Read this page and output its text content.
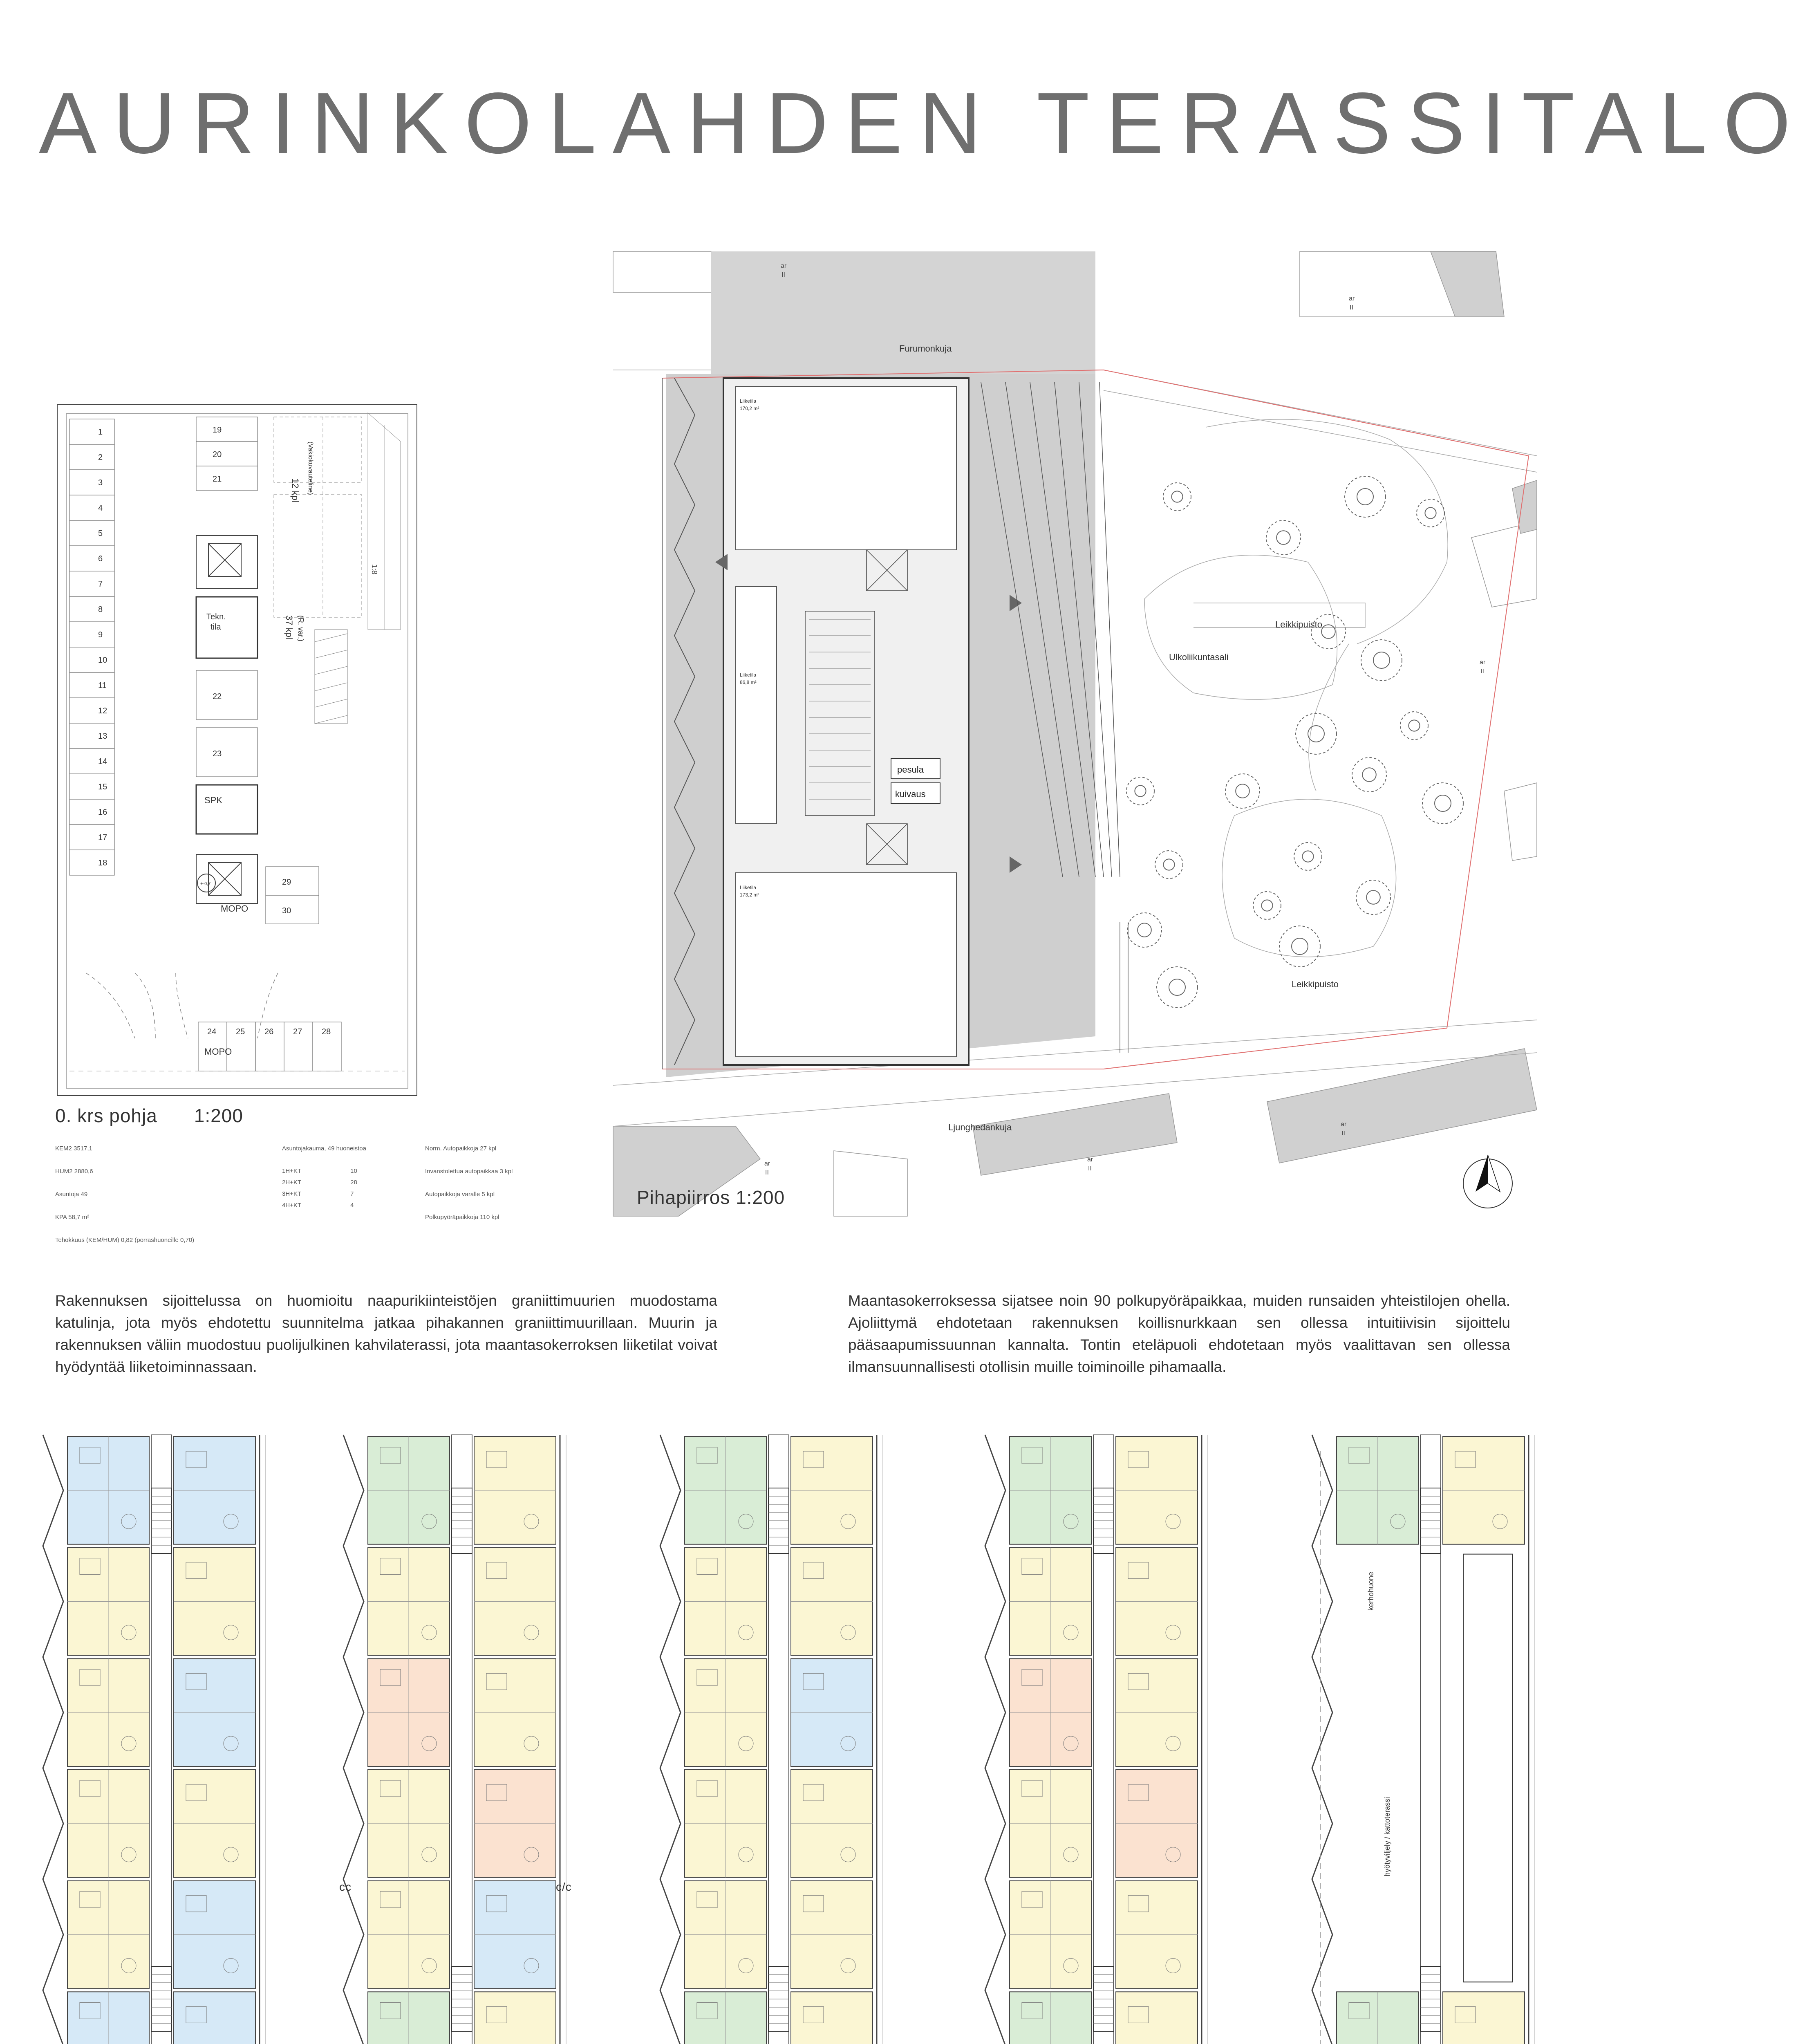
AURINKOLAHDEN TERASSITALO
Tekn.
tila
SPK
+-0,7
MOPO
MOPO
12 kpl (Vakiokuvauteline)
37 kpl (R. var.)
1:8
1
2
3
4
5
6
7
8
9
10
11
12
13
14
15
16
17
18
19
20
21
22
23
24 25 26 27 28
29
30
0. krs pohja 1:200
KEM2 3517,1
HUM2 2880,6
Asuntoja 49
KPA 58,7 m²
Tehokkuus (KEM/HUM) 0,82 (porrashuoneille 0,70)
Asuntojakauma, 49 huoneistoa
1H+KT	10
2H+KT	28
3H+KT	7
4H+KT	4
Norm. Autopaikkoja 27 kpl
Invanstolettua autopaikkaa 3 kpl
Autopaikkoja varalle 5 kpl
Polkupyöräpaikkoja 110 kpl
pesula
kuivaus
Liiketila
170,2 m²
Liiketila
86,8 m²
Liiketila
173,2 m²
Ulkoliikuntasali
Leikkipuisto
Leikkipuisto
Furumonkuja
Ljunghedankuja
ar
II
ar
II
ar
II
ar
II
ar
II
ar
II
Pihapiirros 1:200
Rakennuksen sijoittelussa on huomioitu naapurikiinteistöjen graniittimuurien muodostama katulinja, jota myös ehdotettu suunnitelma jatkaa pihakannen graniittimuurillaan. Muurin ja rakennuksen väliin muodostuu puolijulkinen kahvilaterassi, jota maantasokerroksen liiketilat voivat hyödyntää liiketoiminnassaan.
Maantasokerroksessa sijatsee noin 90 polkupyöräpaikkaa, muiden runsaiden yhteistilojen ohella. Ajoliittymä ehdotetaan rakennuksen koillisnurkkaan sen ollessa intuitiivisin sijoittelu pääsaapumissuunnan kannalta. Tontin eteläpuoli ehdotetaan myös vaalittavan sen ollessa ilmansuunnallisesti otollisin muille toiminoille pihamaalla.
kerhohuone
hyötyviljely / kattoterassi
cc	c/c
